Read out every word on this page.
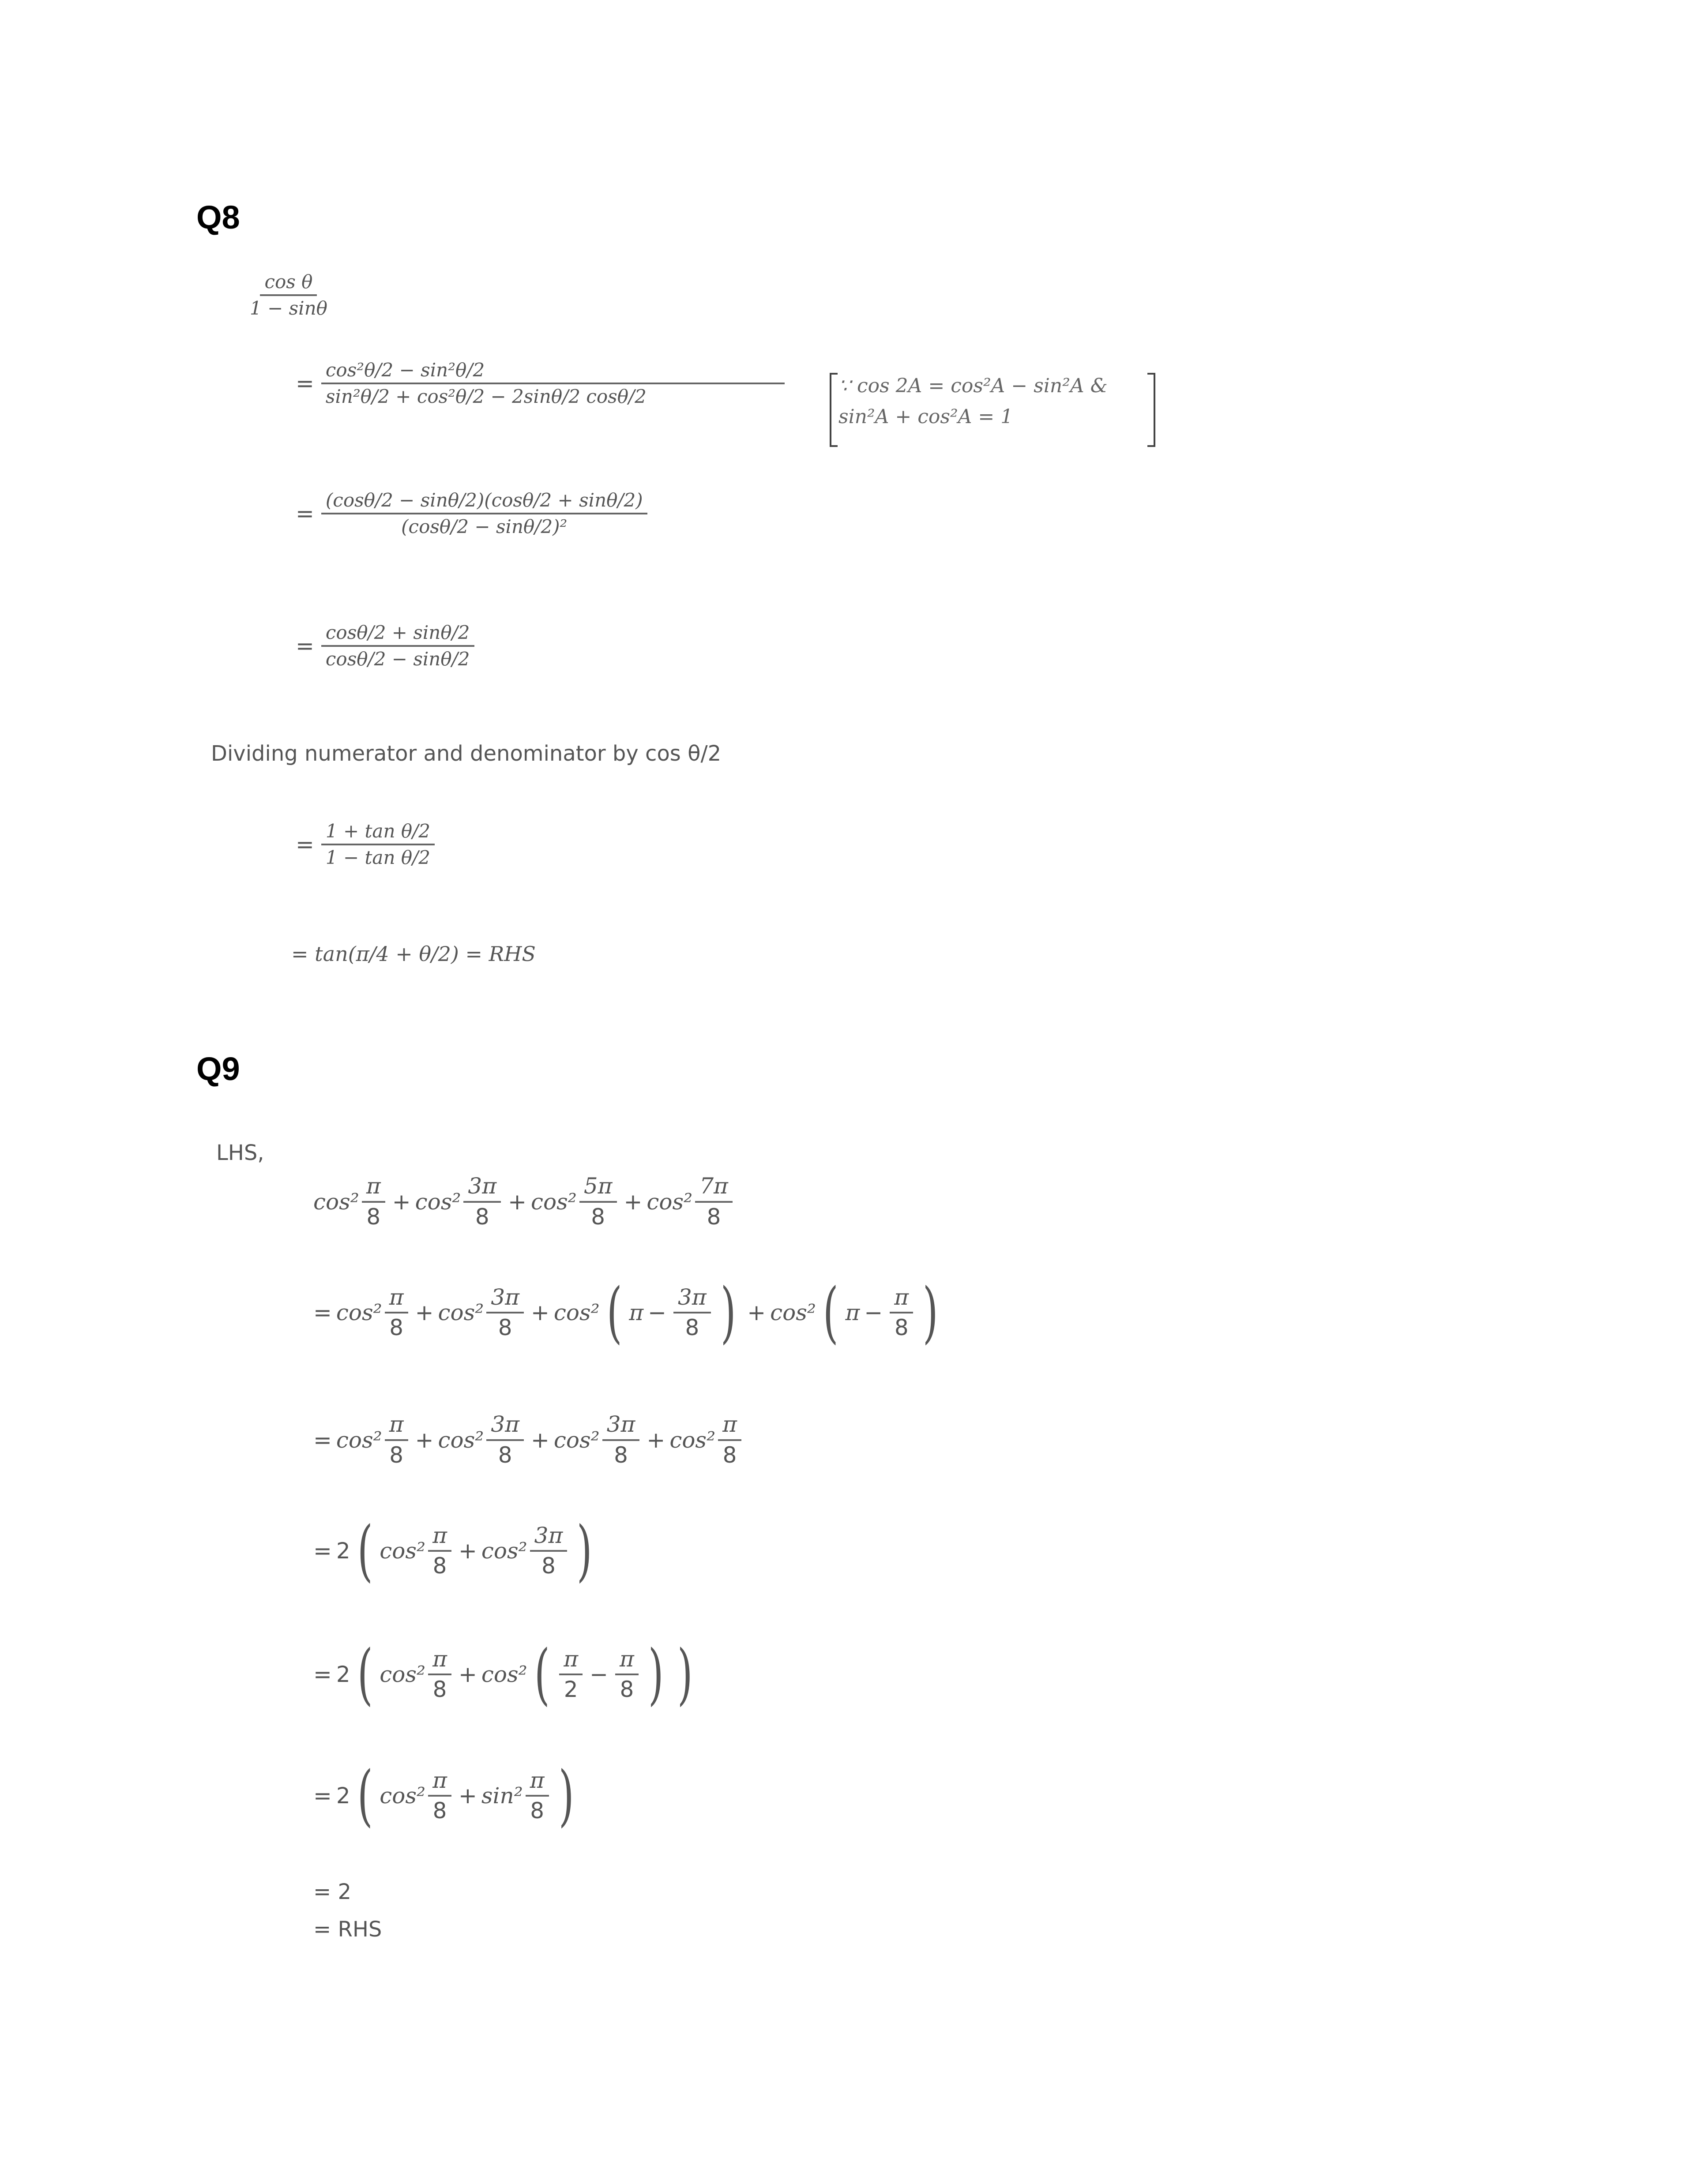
Q8
$\frac{\text{cos θ}}{1 - \sin\theta}$
= $\frac{\text{cos²θ/2 − sin²θ/2}}{\text{sin²θ/2 + cos²θ/2 − 2sinθ/2 cosθ/2}}$	∵ cos 2A = cos²A − sin²A &
sin²A + cos²A = 1
= $\frac{(\cos\theta/2 - \sin\theta/2)(\cos\theta/2 + \sin\theta/2)}{\text{(cosθ/2 − sinθ/2)²}}$
= $\frac{\cos\theta/2 + \sin\theta/2}{\cos\theta/2 - \sin\theta/2}$
Dividing numerator and denominator by cos θ/2
= $\frac{\text{1 + tan θ/2}}{\text{1 − tan θ/2}}$
= tan(π/4 + θ/2) = RHS
Q9
LHS,
$\cos^2 \frac{\pi}{8} + \cos^2 \frac{3\pi}{8} + \cos^2 \frac{5\pi}{8} + \cos^2 \frac{7\pi}{8}$
= $\cos^2 \frac{\pi}{8} + \cos^2 \frac{3\pi}{8} + \cos^2$ ( $\pi - \frac{3\pi}{8}$ ) + cos² ( $\pi - \frac{\pi}{8}$ )
= $\cos^2 \frac{\pi}{8} + \cos^2 \frac{3\pi}{8} + \cos^2 \frac{3\pi}{8} + \cos^2 \frac{\pi}{8}$
= 2 ( $\cos^2 \frac{\pi}{8} + \cos^2 \frac{3\pi}{8}$ )
= 2 ( $\cos^2 \frac{\pi}{8} + \cos^2$ ( $\frac{\pi}{2} - \frac{\pi}{8}$ ) )
= 2 ( $\cos^2 \frac{\pi}{8} + \sin^2 \frac{\pi}{8}$ )
= 2
= RHS
